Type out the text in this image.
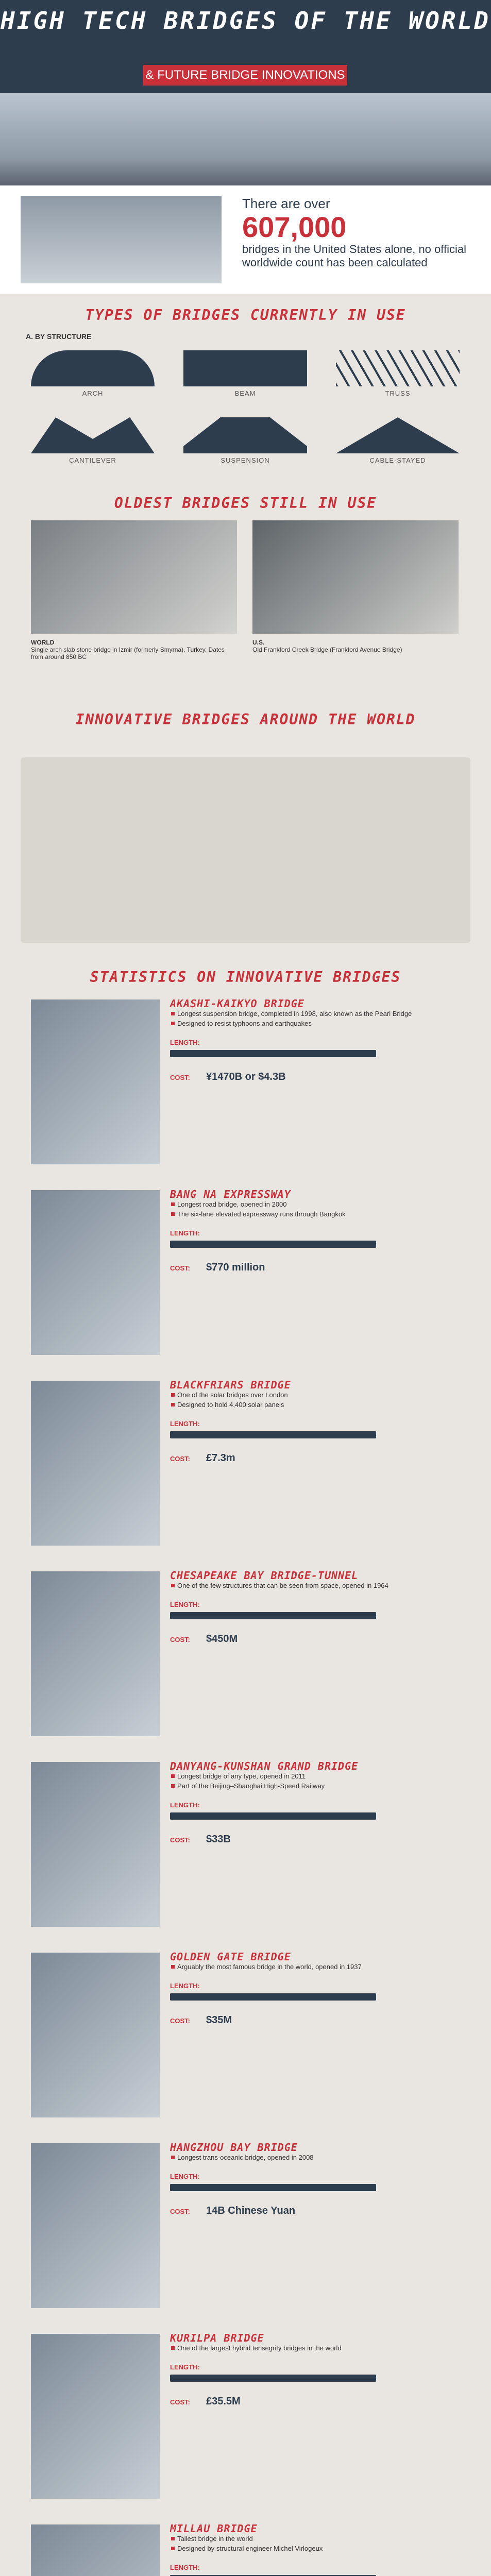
HIGH TECH BRIDGES OF THE WORLD
& FUTURE BRIDGE INNOVATIONS
There are over
607,000
bridges in the United States alone, no official worldwide count has been calculated
TYPES OF BRIDGES CURRENTLY IN USE
A. BY STRUCTURE
ARCH	BEAM	TRUSS
CANTILEVER	SUSPENSION	CABLE-STAYED
OLDEST BRIDGES STILL IN USE
WORLD
Single arch slab stone bridge in Izmir (formerly Smyrna), Turkey. Dates from around 850 BC
U.S.
Old Frankford Creek Bridge (Frankford Avenue Bridge)
INNOVATIVE BRIDGES AROUND THE WORLD
STATISTICS ON INNOVATIVE BRIDGES
AKASHI-KAIKYO BRIDGE
Longest suspension bridge, completed in 1998, also known as the Pearl Bridge
Designed to resist typhoons and earthquakes
LENGTH:
COST: ¥1470B or $4.3B
BANG NA EXPRESSWAY
Longest road bridge, opened in 2000
The six-lane elevated expressway runs through Bangkok
LENGTH:
COST: $770 million
BLACKFRIARS BRIDGE
One of the solar bridges over London
Designed to hold 4,400 solar panels
LENGTH:
COST: £7.3m
CHESAPEAKE BAY BRIDGE-TUNNEL
One of the few structures that can be seen from space, opened in 1964
LENGTH:
COST: $450M
DANYANG-KUNSHAN GRAND BRIDGE
Longest bridge of any type, opened in 2011
Part of the Beijing–Shanghai High-Speed Railway
LENGTH:
COST: $33B
GOLDEN GATE BRIDGE
Arguably the most famous bridge in the world, opened in 1937
LENGTH:
COST: $35M
HANGZHOU BAY BRIDGE
Longest trans-oceanic bridge, opened in 2008
LENGTH:
COST: 14B Chinese Yuan
KURILPA BRIDGE
One of the largest hybrid tensegrity bridges in the world
LENGTH:
COST: £35.5M
MILLAU BRIDGE
Tallest bridge in the world
Designed by structural engineer Michel Virlogeux
LENGTH:
